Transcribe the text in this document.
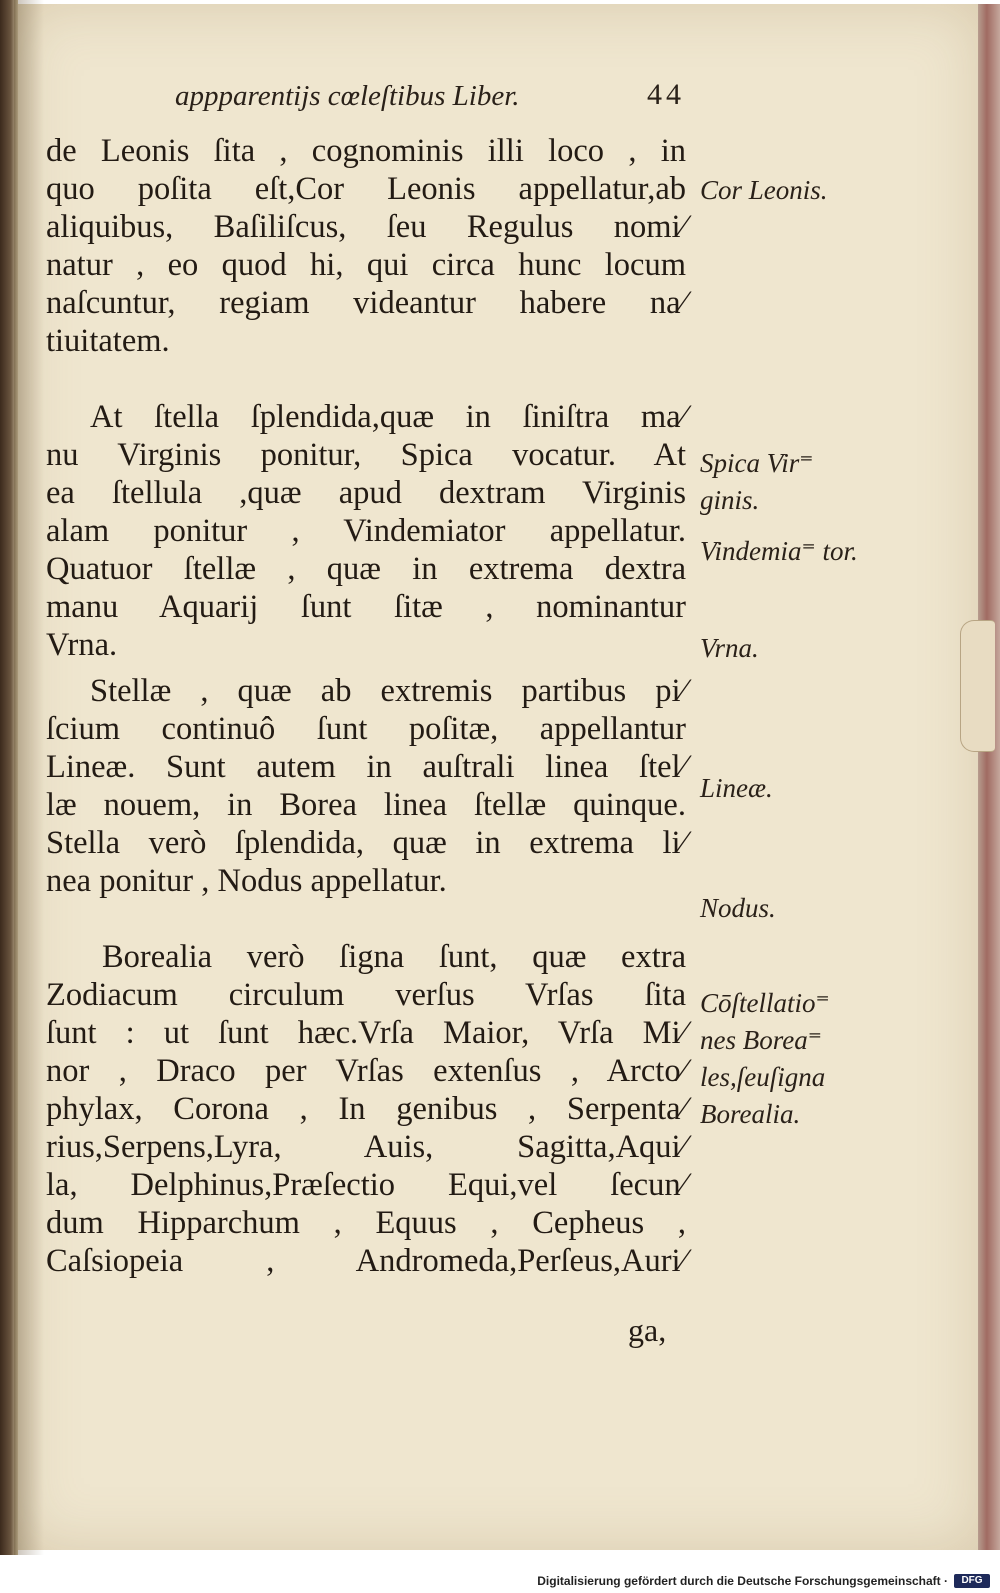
appparentijs cœleſtibus Liber.	44
de Leonis ſita , cognominis illi loco , in
quo poſita eſt,Cor Leonis appellatur,ab
aliquibus, Baſiliſcus, ſeu Regulus nomi⁄
natur , eo quod hi, qui circa hunc locum
naſcuntur, regiam videantur habere na⁄
tiuitatem.
At ſtella ſplendida,quæ in ſiniſtra ma⁄
nu Virginis ponitur, Spica vocatur. At
ea ſtellula ,quæ apud dextram Virginis
alam ponitur , Vindemiator appellatur.
Quatuor ſtellæ , quæ in extrema dextra
manu Aquarij ſunt ſitæ , nominantur
Vrna.
Stellæ , quæ ab extremis partibus pi⁄
ſcium continuô ſunt poſitæ, appellantur
Lineæ. Sunt autem in auſtrali linea ſtel⁄
læ nouem, in Borea linea ſtellæ quinque.
Stella verò ſplendida, quæ in extrema li⁄
nea ponitur , Nodus appellatur.
Borealia verò ſigna ſunt, quæ extra
Zodiacum circulum verſus Vrſas ſita
ſunt : ut ſunt hæc.Vrſa Maior, Vrſa Mi⁄
nor , Draco per Vrſas extenſus , Arcto⁄
phylax, Corona , In genibus , Serpenta⁄
rius,Serpens,Lyra, Auis, Sagitta,Aqui⁄
la, Delphinus,Præſectio Equi,vel ſecun⁄
dum Hipparchum , Equus , Cepheus ,
Caſsiopeia , Andromeda,Perſeus,Auri⁄
ga,
Cor Leonis.
Spica Vir⁼ ginis.
Vindemia⁼ tor.
Vrna.
Lineæ.
Nodus.
Cōſtellatio⁼ nes Borea⁼ les,ſeuſigna Borealia.
Digitalisierung gefördert durch die Deutsche Forschungsgemeinschaft ·	DFG
